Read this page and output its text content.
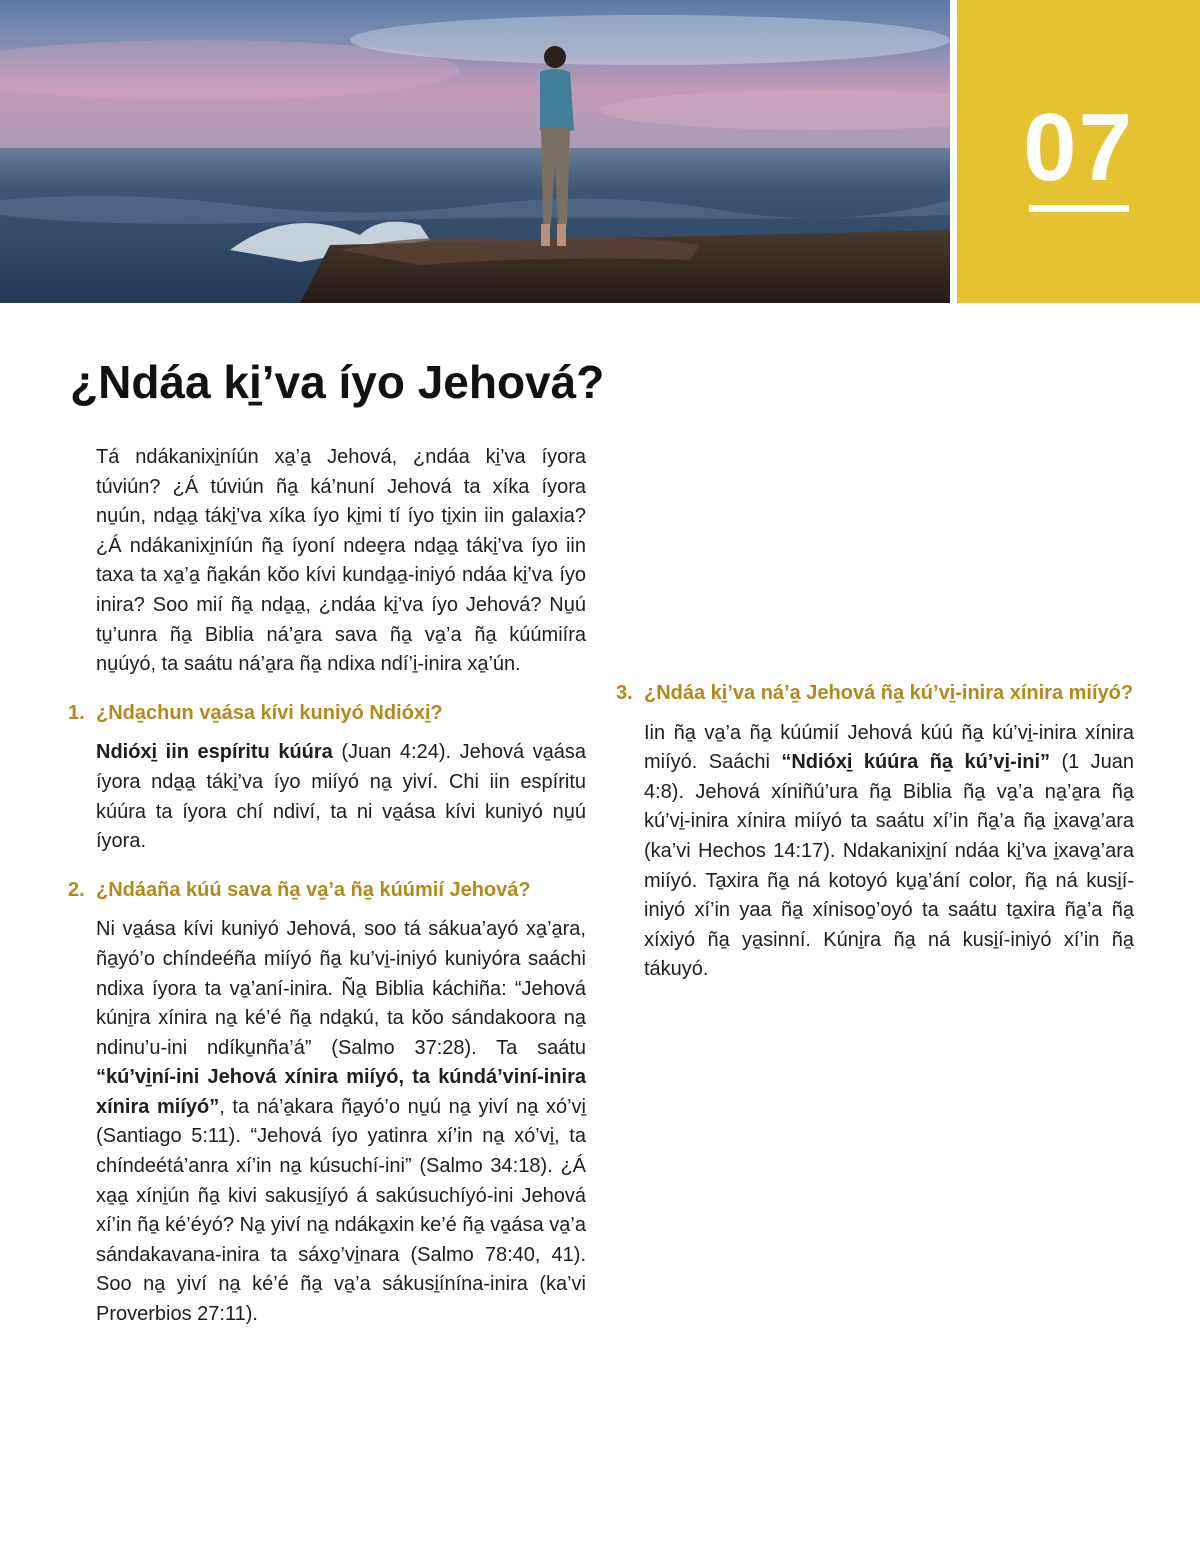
07
¿Ndáa ki̱’va íyo Jehová?

Tá ndákanixi̱níún xa̱’a̱ Jehová, ¿ndáa ki̱’va íyora túviún? ¿Á túviún ña̱ ká’nuní Jehová ta xíka íyora nu̱ún, nda̱a̱ táki̱’va xíka íyo ki̱mi tí íyo ti̱xin iin galaxia? ¿Á ndákanixi̱níún ña̱ íyoní ndee̱ra nda̱a̱ táki̱’va íyo iin taxa ta xa̱’a̱ ña̱kán kǒo kívi kunda̱a̱-iniyó ndáa ki̱’va íyo inira? Soo mií ña̱ nda̱a̱, ¿ndáa ki̱’va íyo Jehová? Nu̱ú tu̱’unra ña̱ Biblia ná’a̱ra sava ña̱ va̱’a ña̱ kúúmiíra nu̱úyó, ta saátu ná’a̱ra ña̱ ndixa ndí’i̱-inira xa̱’ún.

1. ¿Nda̱chun va̱ása kívi kuniyó Ndióxi̱?

Ndióxi̱ iin espíritu kúúra (Juan 4:24). Jehová va̱ása íyora nda̱a̱ táki̱’va íyo miíyó na̱ yiví. Chi iin espíritu kúúra ta íyora chí ndiví, ta ni va̱ása kívi kuniyó nu̱ú íyora.

2. ¿Ndáaña kúú sava ña̱ va̱’a ña̱ kúúmií Jehová?

Ni va̱ása kívi kuniyó Jehová, soo tá sákua’ayó xa̱’a̱ra, ña̱yó’o chíndeéña miíyó ña̱ ku’vi̱-iniyó kuniyóra saáchi ndixa íyora ta va̱’aní-inira. Ña̱ Biblia káchiña: “Jehová kúni̱ra xínira na̱ ké’é ña̱ nda̱kú, ta kǒo sándakoora na̱ ndinu’u-ini ndíku̱nña’á” (Salmo 37:28). Ta saátu “kú’vi̱ní-ini Jehová xínira miíyó, ta kúndá’viní-inira xínira miíyó”, ta ná’a̱kara ña̱yó’o nu̱ú na̱ yiví na̱ xó’vi̱ (Santiago 5:11). “Jehová íyo yatinra xí’in na̱ xó’vi̱, ta chíndeétá’anra xí’in na̱ kúsuchí-ini” (Salmo 34:18). ¿Á xa̱a̱ xíni̱ún ña̱ kivi sakusi̱íyó á sakúsuchíyó-ini Jehová xí’in ña̱ ké’éyó? Na̱ yiví na̱ ndáka̱xin ke’é ña̱ va̱ása va̱’a sándakavana-inira ta sáxo̱’vi̱nara (Salmo 78:40, 41). Soo na̱ yiví na̱ ké’é ña̱ va̱’a sákusi̱ínína-inira (ka’vi Proverbios 27:11).

3. ¿Ndáa ki̱’va ná’a̱ Jehová ña̱ kú’vi̱-inira xínira miíyó?

Iin ña̱ va̱’a ña̱ kúúmií Jehová kúú ña̱ kú’vi̱-inira xínira miíyó. Saáchi “Ndióxi̱ kúúra ña̱ kú’vi̱-ini” (1 Juan 4:8). Jehová xíniñú’ura ña̱ Biblia ña̱ va̱’a na̱’a̱ra ña̱ kú’vi̱-inira xínira miíyó ta saátu xí’in ña̱’a ña̱ i̱xava̱’ara (ka’vi Hechos 14:17). Ndakanixi̱ní ndáa ki̱’va i̱xava̱’ara miíyó. Ta̱xira ña̱ ná kotoyó ku̱a̱’ání color, ña̱ ná kusi̱í-iniyó xí’in yaa ña̱ xínisoo̱’oyó ta saátu ta̱xira ña̱’a ña̱ xíxiyó ña̱ ya̱sinní. Kúni̱ra ña̱ ná kusi̱í-iniyó xí’in ña̱ tákuyó.
